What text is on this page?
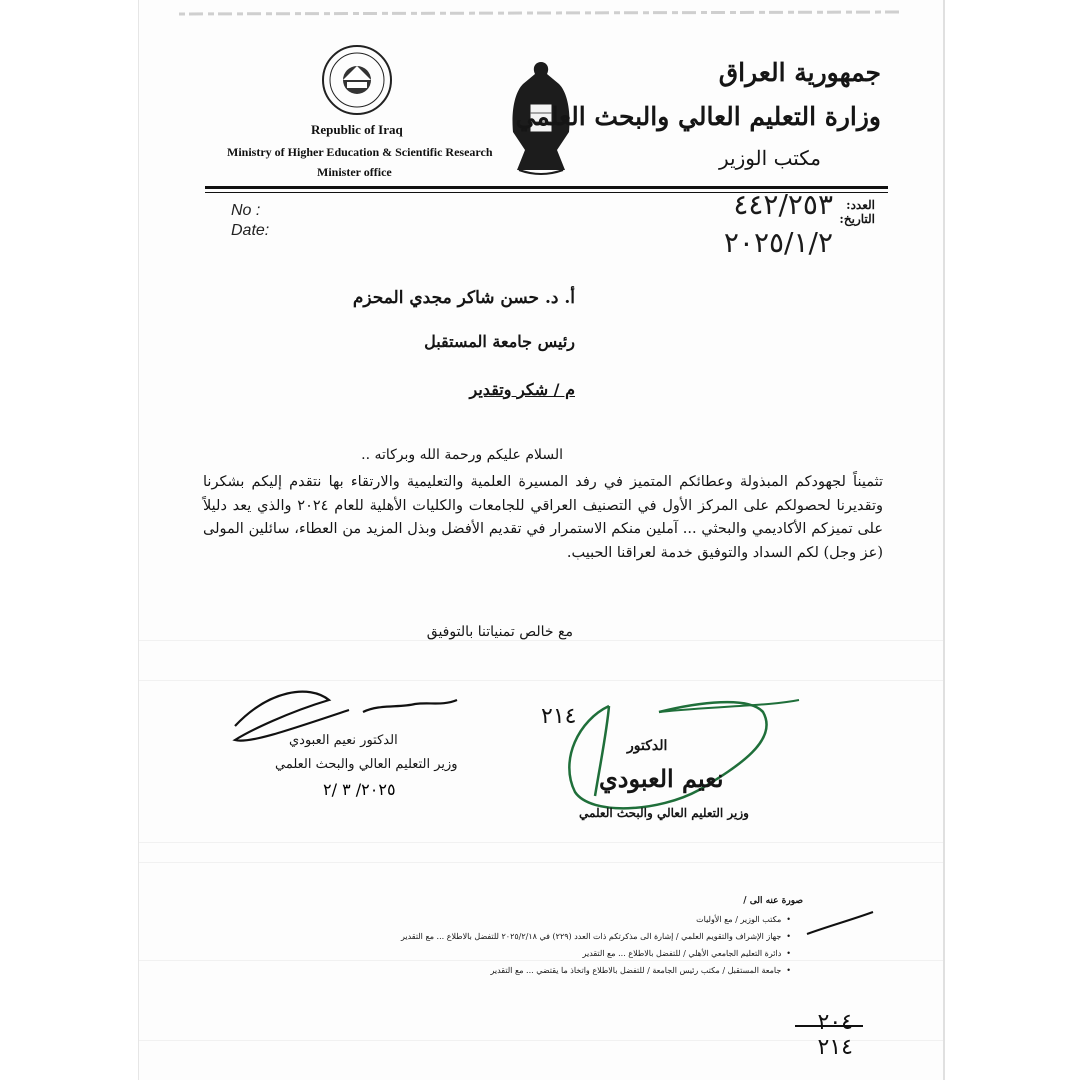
جمهورية العراق
وزارة التعليم العالي والبحث العلمي
مكتب الوزير
Republic of Iraq
Ministry of Higher Education & Scientific Research
Minister office
No :
Date:
العدد:
التاريخ:
٤٤٢/٢٥٣
٢٠٢٥/١/٢
أ. د. حسن شاكر مجدي المحزم
رئيس جامعة المستقبل
م / شكر وتقدير
السلام عليكم ورحمة الله وبركاته ..
تثميناً لجهودكم المبذولة وعطائكم المتميز في رفد المسيرة العلمية والتعليمية والارتقاء بها نتقدم إليكم بشكرنا وتقديرنا لحصولكم على المركز الأول في التصنيف العراقي للجامعات والكليات الأهلية للعام ٢٠٢٤ والذي يعد دليلاً على تميزكم الأكاديمي والبحثي ... آملين منكم الاستمرار في تقديم الأفضل وبذل المزيد من العطاء، سائلين المولى (عز وجل) لكم السداد والتوفيق خدمة لعراقنا الحبيب.
مع خالص تمنياتنا بالتوفيق
الدكتور نعيم العبودي
وزير التعليم العالي والبحث العلمي
٢٠٢٥/ ٣ /٢
٢١٤
الدكتور
نعيم العبودي
وزير التعليم العالي والبحث العلمي
صورة عنه الى /
• مكتب الوزير / مع الأوليات
• جهاز الإشراف والتقويم العلمي / إشارة الى مذكرتكم ذات العدد (٢٢٩) في ٢٠٢٥/٢/١٨ للتفضل بالاطلاع ... مع التقدير
• دائرة التعليم الجامعي الأهلي / للتفضل بالاطلاع ... مع التقدير
• جامعة المستقبل / مكتب رئيس الجامعة / للتفضل بالاطلاع واتخاذ ما يقتضي ... مع التقدير
٢٠٤
٢١٤
